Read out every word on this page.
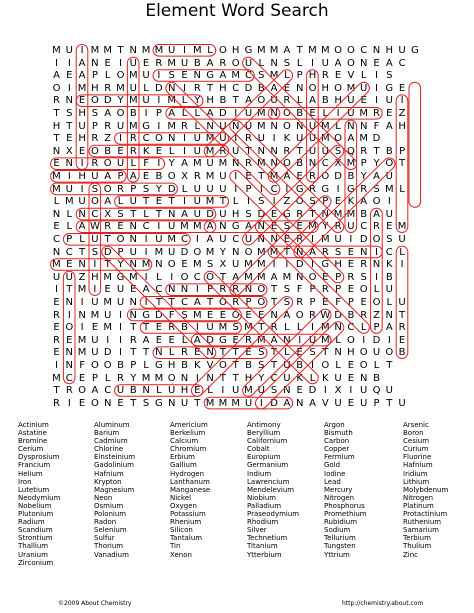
Element Word Search
M U I M M T N M M U I M L O H G M M A T M M O O C N H U G
I I A N E I U E R M U B A R O U L N S L I U A O N E A C
A E A P L O M U I S E N G A M C S M L P H R E V L I S
O I M H R M U L D N I R T H C D B A E N O H O M U I G E
R N E O D Y M U I M L Y H B T A O U R L A B H U E I U I
T S H S A O B I P A L L A D I U M N O B E L I U M R E Z
H T U P R U M G I M R L N U N U M N O N U M L N N F A H
T E H R Z I R C O N I U M U I R U I K U U M O A M D
N X E O B E R K E L I U M R U T N N R T U U S Q R T B P
E N I R O U L F I Y A M U M N R M N O B N C X M P Y O T
M I H U A P A E B O X R M U I E T M A E R O D B Y A U
M U I S O R P S Y D L U U U I P I C I G R G I G R S M L
L M U O A L U T E T I U M T L I S I Z O S P E K A O I
N L N C X S T L T N A U D U H S D E G R T N M M B A U
E L A W R E N C I U M M A N G A N E S E M Y R U C R E M
C P L U T O N I U M C I A U C U N N E R I M U I D O S U
N C T S D P U I M U D O M Y N O M M T N A R S E N I C L
M E N I T Y N M N O E M S X U M M I I D I G H E R N K I
U U Z H M G M I L I O C O T A M M A M N O E P R S I B
I T M I E U E A C N N I P R R N O T S F P R P E O L U
E N I U M U N I T T C A T O R P O T S R P E F P E O L U
R I N M U I N G D F S M E E O E E N A O R W D B R Z N T
E O I E M I T T E R B I U M S M T R L L I M N C L P A R
R E M U I I R A E E L A D G E R M A N I U M L O I D I E
E N M U D I T T N L R E N T T E S T L E S T N H O U O B
I N F O O B P L G H B K V O T B S T U B I O L E O L T
M C E P L R Y M M O N I N T T H Y C U K L K U E N B
T R O A C U B N L U H E L I U M U S N E D I X I U Q U
R I E O N E T S G N U T M M M U I D A N A V U E U P T U
Actinium
Astatine
Bromine
Cerium
Dysprosium
Francium
Helium
Iron
Lutetium
Neodymium
Nobelium
Plutonium
Radium
Scandium
Strontium
Thallium
Uranium
Zirconium
Aluminum
Barium
Cadmium
Chlorine
Einsteinium
Gadolinium
Hafnium
Krypton
Magnesium
Neon
Osmium
Polonium
Radon
Selenium
Sulfur
Thorium
Vanadium
Americium
Berkelium
Calcium
Chromium
Erbium
Gallium
Hydrogen
Lanthanum
Manganese
Nickel
Oxygen
Potassium
Rhenium
Silicon
Tantalum
Tin
Xenon
Antimony
Beryllium
Californium
Cobalt
Europium
Germanium
Indium
Lawrencium
Mendelevium
Niobium
Palladium
Praseodymium
Rhodium
Silver
Technetium
Titanium
Ytterbium
Argon
Bismuth
Carbon
Copper
Fermium
Gold
Iodine
Lead
Mercury
Nitrogen
Phosphorus
Promethium
Rubidium
Sodium
Tellurium
Tungsten
Yttrium
Arsenic
Boron
Cesium
Curium
Fluorine
Hafnium
Iridium
Lithium
Molybdenum
Nitrogen
Platinum
Protactinium
Ruthenium
Samarium
Terbium
Thulium
Zinc
©2009 About Chemistry	http://chemistry.about.com
